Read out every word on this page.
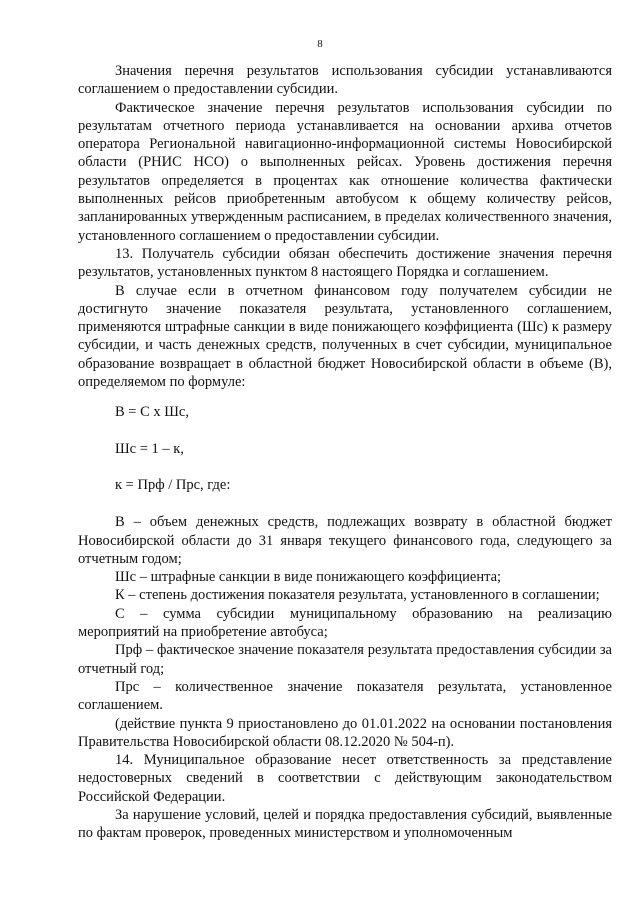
8

Значения перечня результатов использования субсидии устанавливаются соглашением о предоставлении субсидии.

Фактическое значение перечня результатов использования субсидии по результатам отчетного периода устанавливается на основании архива отчетов оператора Региональной навигационно-информационной системы Новосибирской области (РНИС НСО) о выполненных рейсах. Уровень достижения перечня результатов определяется в процентах как отношение количества фактически выполненных рейсов приобретенным автобусом к общему количеству рейсов, запланированных утвержденным расписанием, в пределах количественного значения, установленного соглашением о предоставлении субсидии.

13. Получатель субсидии обязан обеспечить достижение значения перечня результатов, установленных пунктом 8 настоящего Порядка и соглашением.

В случае если в отчетном финансовом году получателем субсидии не достигнуто значение показателя результата, установленного соглашением, применяются штрафные санкции в виде понижающего коэффициента (Шс) к размеру субсидии, и часть денежных средств, полученных в счет субсидии, муниципальное образование возвращает в областной бюджет Новосибирской области в объеме (В), определяемом по формуле:

В = С х Шс,

Шс = 1 – к,

к = Прф / Прс, где:

В – объем денежных средств, подлежащих возврату в областной бюджет Новосибирской области до 31 января текущего финансового года, следующего за отчетным годом;

Шс – штрафные санкции в виде понижающего коэффициента;

К – степень достижения показателя результата, установленного в соглашении;

С – сумма субсидии муниципальному образованию на реализацию мероприятий на приобретение автобуса;

Прф – фактическое значение показателя результата предоставления субсидии за отчетный год;

Прс – количественное значение показателя результата, установленное соглашением.

(действие пункта 9 приостановлено до 01.01.2022 на основании постановления Правительства Новосибирской области 08.12.2020 № 504-п).

14. Муниципальное образование несет ответственность за представление недостоверных сведений в соответствии с действующим законодательством Российской Федерации.

За нарушение условий, целей и порядка предоставления субсидий, выявленные по фактам проверок, проведенных министерством и уполномоченным
